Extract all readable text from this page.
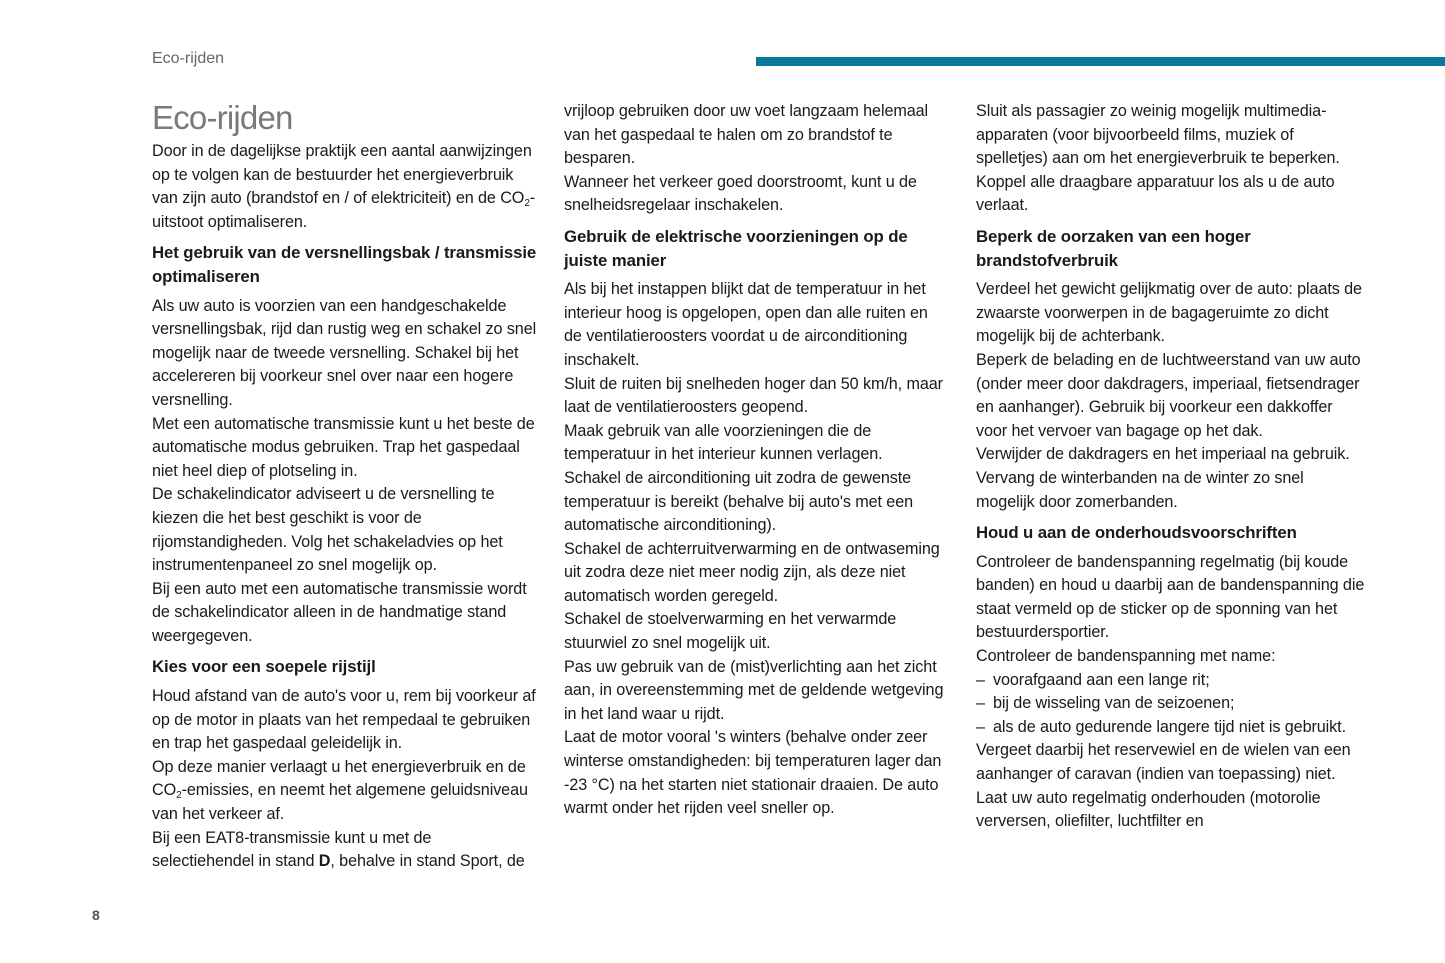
Eco-rijden
Eco-rijden

Door in de dagelijkse praktijk een aantal aanwijzingen op te volgen kan de bestuurder het energieverbruik van zijn auto (brandstof en / of elektriciteit) en de $CO_2$-uitstoot optimaliseren.

Het gebruik van de versnellingsbak / transmissie optimaliseren

Als uw auto is voorzien van een handgeschakelde versnellingsbak, rijd dan rustig weg en schakel zo snel mogelijk naar de tweede versnelling. Schakel bij het accelereren bij voorkeur snel over naar een hogere versnelling.

Met een automatische transmissie kunt u het beste de automatische modus gebruiken. Trap het gaspedaal niet heel diep of plotseling in.

De schakelindicator adviseert u de versnelling te kiezen die het best geschikt is voor de rijomstandigheden. Volg het schakeladvies op het instrumentenpaneel zo snel mogelijk op.

Bij een auto met een automatische transmissie wordt de schakelindicator alleen in de handmatige stand weergegeven.

Kies voor een soepele rijstijl

Houd afstand van de auto's voor u, rem bij voorkeur af op de motor in plaats van het rempedaal te gebruiken en trap het gaspedaal geleidelijk in.

Op deze manier verlaagt u het energieverbruik en de $CO_2$-emissies, en neemt het algemene geluidsniveau van het verkeer af.

Bij een EAT8-transmissie kunt u met de selectiehendel in stand D, behalve in stand Sport, de

vrijloop gebruiken door uw voet langzaam helemaal van het gaspedaal te halen om zo brandstof te besparen.

Wanneer het verkeer goed doorstroomt, kunt u de snelheidsregelaar inschakelen.

Gebruik de elektrische voorzieningen op de juiste manier

Als bij het instappen blijkt dat de temperatuur in het interieur hoog is opgelopen, open dan alle ruiten en de ventilatieroosters voordat u de airconditioning inschakelt.

Sluit de ruiten bij snelheden hoger dan 50 km/h, maar laat de ventilatieroosters geopend.

Maak gebruik van alle voorzieningen die de temperatuur in het interieur kunnen verlagen.

Schakel de airconditioning uit zodra de gewenste temperatuur is bereikt (behalve bij auto's met een automatische airconditioning).

Schakel de achterruitverwarming en de ontwaseming uit zodra deze niet meer nodig zijn, als deze niet automatisch worden geregeld.

Schakel de stoelverwarming en het verwarmde stuurwiel zo snel mogelijk uit.

Pas uw gebruik van de (mist)verlichting aan het zicht aan, in overeenstemming met de geldende wetgeving in het land waar u rijdt.

Laat de motor vooral 's winters (behalve onder zeer winterse omstandigheden: bij temperaturen lager dan -23 °C) na het starten niet stationair draaien. De auto warmt onder het rijden veel sneller op.

Sluit als passagier zo weinig mogelijk multimedia-apparaten (voor bijvoorbeeld films, muziek of spelletjes) aan om het energieverbruik te beperken.

Koppel alle draagbare apparatuur los als u de auto verlaat.

Beperk de oorzaken van een hoger brandstofverbruik

Verdeel het gewicht gelijkmatig over de auto: plaats de zwaarste voorwerpen in de bagageruimte zo dicht mogelijk bij de achterbank.

Beperk de belading en de luchtweerstand van uw auto (onder meer door dakdragers, imperiaal, fietsendrager en aanhanger). Gebruik bij voorkeur een dakkoffer voor het vervoer van bagage op het dak.

Verwijder de dakdragers en het imperiaal na gebruik.

Vervang de winterbanden na de winter zo snel mogelijk door zomerbanden.

Houd u aan de onderhoudsvoorschriften

Controleer de bandenspanning regelmatig (bij koude banden) en houd u daarbij aan de bandenspanning die staat vermeld op de sticker op de sponning van het bestuurdersportier.

Controleer de bandenspanning met name:

– voorafgaand aan een lange rit;
– bij de wisseling van de seizoenen;
– als de auto gedurende langere tijd niet is gebruikt.

Vergeet daarbij het reservewiel en de wielen van een aanhanger of caravan (indien van toepassing) niet.

Laat uw auto regelmatig onderhouden (motorolie verversen, oliefilter, luchtfilter en

8
